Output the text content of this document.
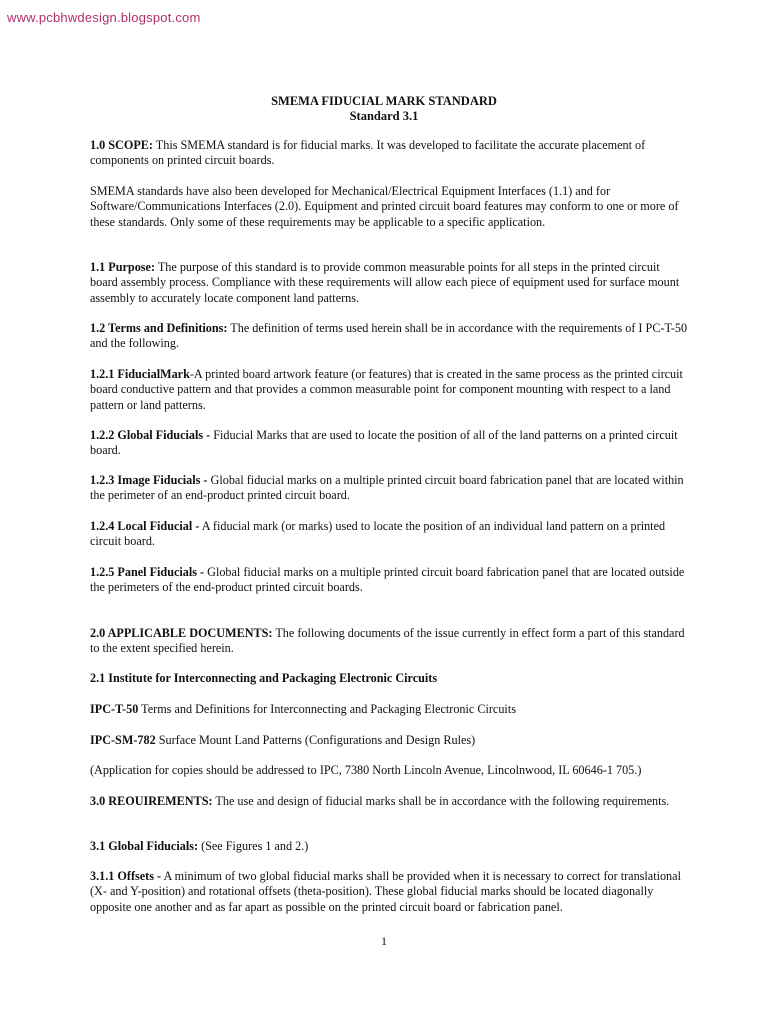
www.pcbhwdesign.blogspot.com
SMEMA FIDUCIAL MARK STANDARD
Standard 3.1
1.0 SCOPE: This SMEMA standard is for fiducial marks. It was developed to facilitate the accurate placement of components on printed circuit boards.
SMEMA standards have also been developed for Mechanical/Electrical Equipment Interfaces (1.1) and for Software/Communications Interfaces (2.0). Equipment and printed circuit board features may conform to one or more of these standards. Only some of these requirements may be applicable to a specific application.
1.1 Purpose: The purpose of this standard is to provide common measurable points for all steps in the printed circuit board assembly process. Compliance with these requirements will allow each piece of equipment used for surface mount assembly to accurately locate component land patterns.
1.2 Terms and Definitions: The definition of terms used herein shall be in accordance with the requirements of I PC-T-50 and the following.
1.2.1 FiducialMark-A printed board artwork feature (or features) that is created in the same process as the printed circuit board conductive pattern and that provides a common measurable point for component mounting with respect to a land pattern or land patterns.
1.2.2 Global Fiducials - Fiducial Marks that are used to locate the position of all of the land patterns on a printed circuit board.
1.2.3 Image Fiducials - Global fiducial marks on a multiple printed circuit board fabrication panel that are located within the perimeter of an end-product printed circuit board.
1.2.4 Local Fiducial - A fiducial mark (or marks) used to locate the position of an individual land pattern on a printed circuit board.
1.2.5 Panel Fiducials - Global fiducial marks on a multiple printed circuit board fabrication panel that are located outside the perimeters of the end-product printed circuit boards.
2.0 APPLICABLE DOCUMENTS: The following documents of the issue currently in effect form a part of this standard to the extent specified herein.
2.1 Institute for Interconnecting and Packaging Electronic Circuits
IPC-T-50 Terms and Definitions for Interconnecting and Packaging Electronic Circuits
IPC-SM-782 Surface Mount Land Patterns (Configurations and Design Rules)
(Application for copies should be addressed to IPC, 7380 North Lincoln Avenue, Lincolnwood, IL 60646-1 705.)
3.0 REOUIREMENTS: The use and design of fiducial marks shall be in accordance with the following requirements.
3.1 Global Fiducials: (See Figures 1 and 2.)
3.1.1 Offsets - A minimum of two global fiducial marks shall be provided when it is necessary to correct for translational (X- and Y-position) and rotational offsets (theta-position). These global fiducial marks should be located diagonally opposite one another and as far apart as possible on the printed circuit board or fabrication panel.
1
